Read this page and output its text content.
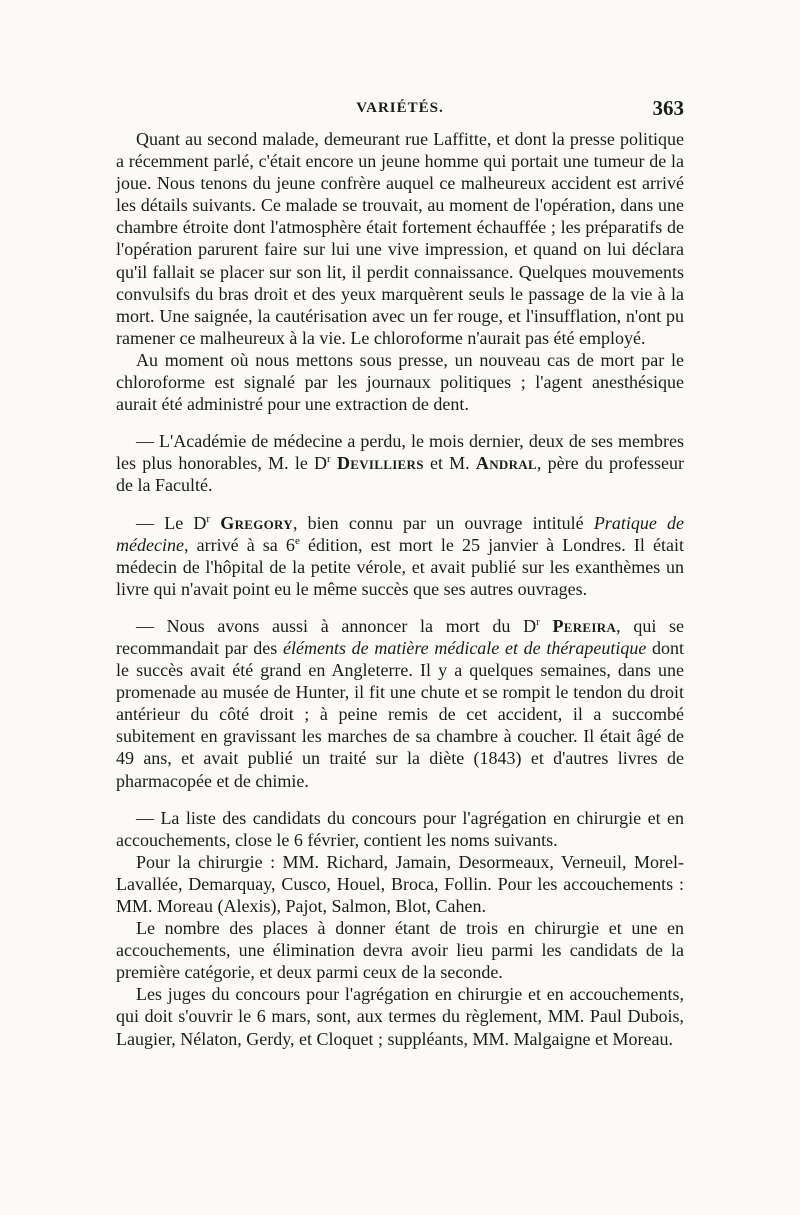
VARIÉTÉS.	363

Quant au second malade, demeurant rue Laffitte, et dont la presse politique a récemment parlé, c'était encore un jeune homme qui portait une tumeur de la joue. Nous tenons du jeune confrère auquel ce malheureux accident est arrivé les détails suivants. Ce malade se trouvait, au moment de l'opération, dans une chambre étroite dont l'atmosphère était fortement échauffée ; les préparatifs de l'opération parurent faire sur lui une vive impression, et quand on lui déclara qu'il fallait se placer sur son lit, il perdit connaissance. Quelques mouvements convulsifs du bras droit et des yeux marquèrent seuls le passage de la vie à la mort. Une saignée, la cautérisation avec un fer rouge, et l'insufflation, n'ont pu ramener ce malheureux à la vie. Le chloroforme n'aurait pas été employé.

Au moment où nous mettons sous presse, un nouveau cas de mort par le chloroforme est signalé par les journaux politiques ; l'agent anesthésique aurait été administré pour une extraction de dent.

— L'Académie de médecine a perdu, le mois dernier, deux de ses membres les plus honorables, M. le $D^r$ Devilliers et M. Andral, père du professeur de la Faculté.

— Le $D^r$ Gregory, bien connu par un ouvrage intitulé Pratique de médecine, arrivé à sa 6e édition, est mort le 25 janvier à Londres. Il était médecin de l'hôpital de la petite vérole, et avait publié sur les exanthèmes un livre qui n'avait point eu le même succès que ses autres ouvrages.

— Nous avons aussi à annoncer la mort du $D^r$ Pereira, qui se recommandait par des éléments de matière médicale et de thérapeutique dont le succès avait été grand en Angleterre. Il y a quelques semaines, dans une promenade au musée de Hunter, il fit une chute et se rompit le tendon du droit antérieur du côté droit ; à peine remis de cet accident, il a succombé subitement en gravissant les marches de sa chambre à coucher. Il était âgé de 49 ans, et avait publié un traité sur la diète (1843) et d'autres livres de pharmacopée et de chimie.

— La liste des candidats du concours pour l'agrégation en chirurgie et en accouchements, close le 6 février, contient les noms suivants.

Pour la chirurgie : MM. Richard, Jamain, Desormeaux, Verneuil, Morel-Lavallée, Demarquay, Cusco, Houel, Broca, Follin. Pour les accouchements : MM. Moreau (Alexis), Pajot, Salmon, Blot, Cahen.

Le nombre des places à donner étant de trois en chirurgie et une en accouchements, une élimination devra avoir lieu parmi les candidats de la première catégorie, et deux parmi ceux de la seconde.

Les juges du concours pour l'agrégation en chirurgie et en accouchements, qui doit s'ouvrir le 6 mars, sont, aux termes du règlement, MM. Paul Dubois, Laugier, Nélaton, Gerdy, et Cloquet ; suppléants, MM. Malgaigne et Moreau.
